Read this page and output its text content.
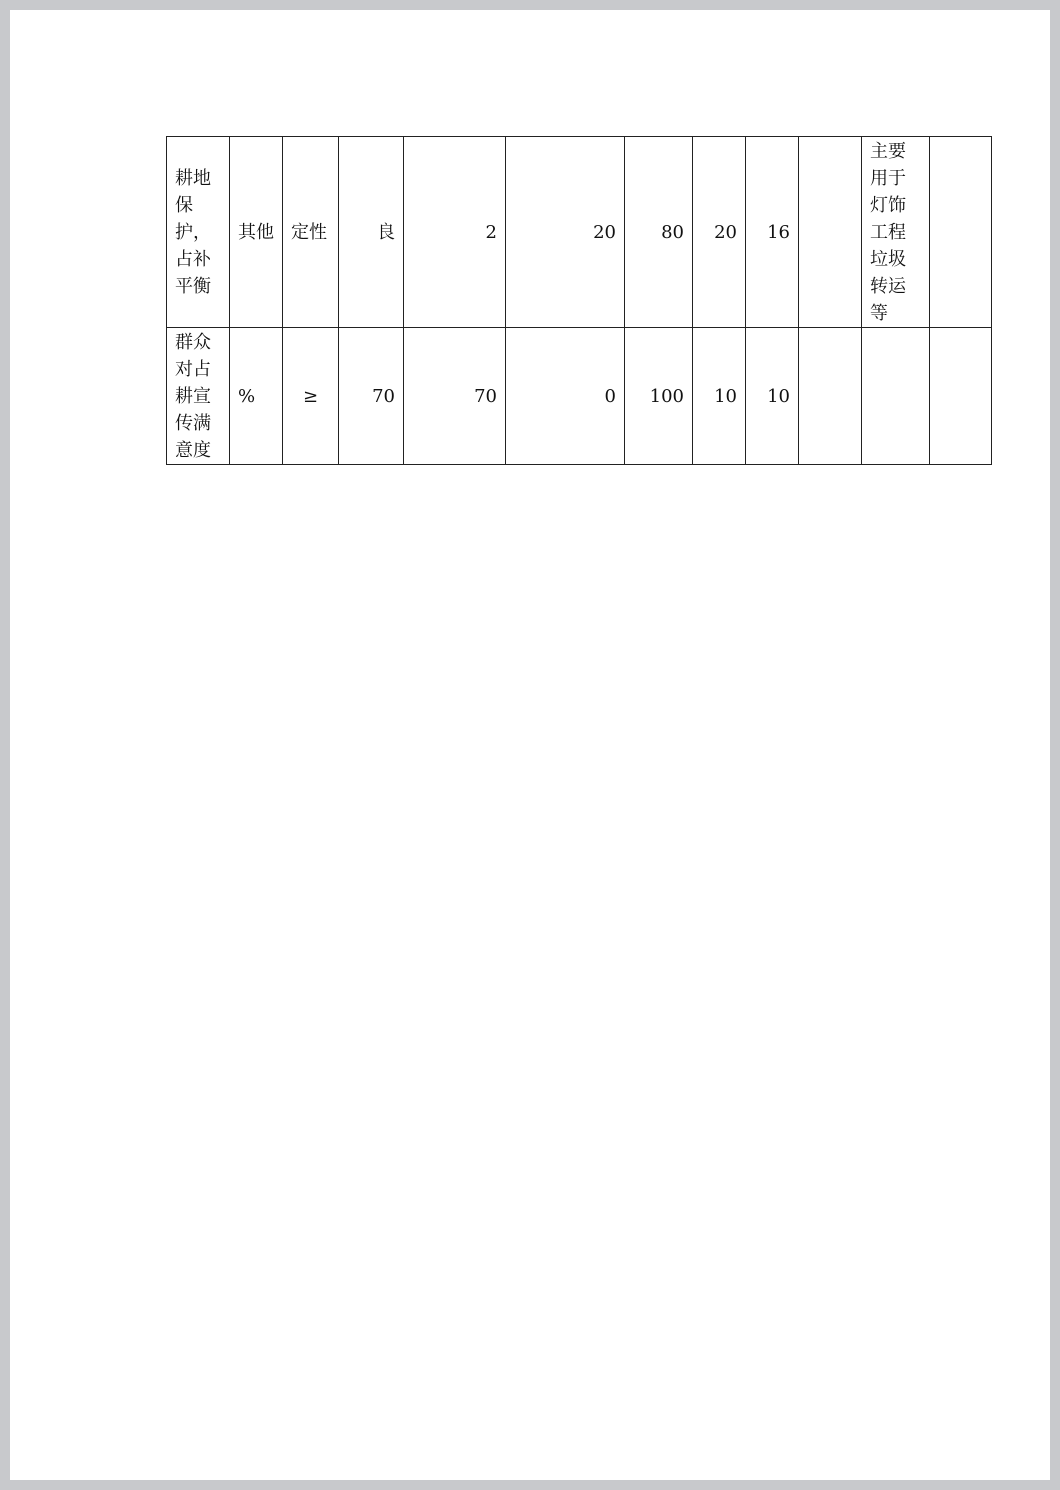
耕地保护，占补平衡	其他	定性	良	2	20	80	20	16		主要用于灯饰工程垃圾转运等	
群众对占耕宣传满意度	%	≥	70	70	0	100	10	10			
